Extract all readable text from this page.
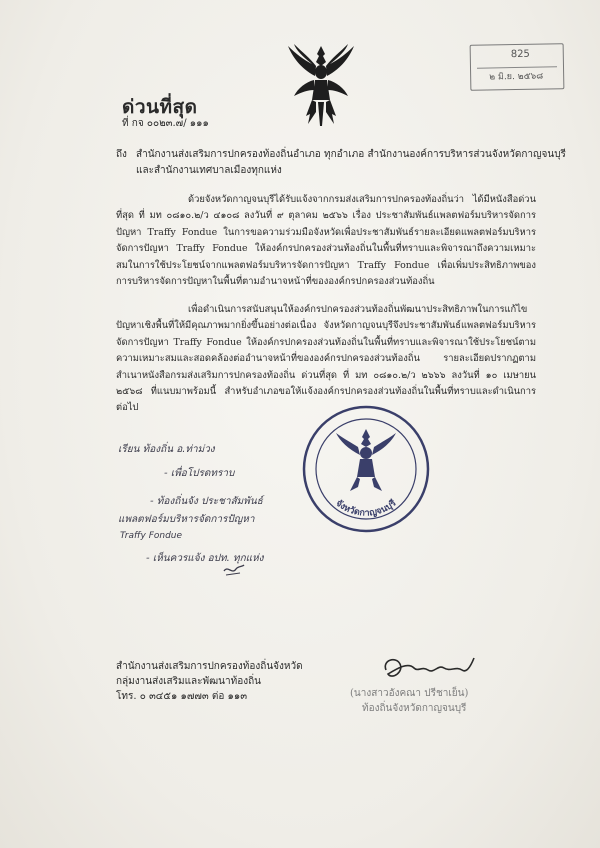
825
๒ มิ.ย. ๒๕๖๘
ด่วนที่สุด
ที่ กจ ๐๐๒๓.๗/ ๑๑๑
ถึง สำนักงานส่งเสริมการปกครองท้องถิ่นอำเภอ ทุกอำเภอ สำนักงานองค์การบริหารส่วนจังหวัดกาญจนบุรี
และสำนักงานเทศบาลเมืองทุกแห่ง
ด้วยจังหวัดกาญจนบุรีได้รับแจ้งจากกรมส่งเสริมการปกครองท้องถิ่นว่า ได้มีหนังสือด่วนที่สุด ที่ มท ๐๘๑๐.๒/ว ๔๑๐๘ ลงวันที่ ๙ ตุลาคม ๒๕๖๖ เรื่อง ประชาสัมพันธ์แพลตฟอร์มบริหารจัดการปัญหา Traffy Fondue ในการขอความร่วมมือจังหวัดเพื่อประชาสัมพันธ์รายละเอียดแพลตฟอร์มบริหารจัดการปัญหา Traffy Fondue ให้องค์กรปกครองส่วนท้องถิ่นในพื้นที่ทราบและพิจารณาถึงความเหมาะสมในการใช้ประโยชน์จากแพลตฟอร์มบริหารจัดการปัญหา Traffy Fondue เพื่อเพิ่มประสิทธิภาพของการบริหารจัดการปัญหาในพื้นที่ตามอำนาจหน้าที่ขององค์กรปกครองส่วนท้องถิ่น
เพื่อดำเนินการสนับสนุนให้องค์กรปกครองส่วนท้องถิ่นพัฒนาประสิทธิภาพในการแก้ไขปัญหาเชิงพื้นที่ให้มีคุณภาพมากยิ่งขึ้นอย่างต่อเนื่อง จังหวัดกาญจนบุรีจึงประชาสัมพันธ์แพลตฟอร์มบริหารจัดการปัญหา Traffy Fondue ให้องค์กรปกครองส่วนท้องถิ่นในพื้นที่ทราบและพิจารณาใช้ประโยชน์ตามความเหมาะสมและสอดคล้องต่ออำนาจหน้าที่ขององค์กรปกครองส่วนท้องถิ่น รายละเอียดปรากฏตามสำเนาหนังสือกรมส่งเสริมการปกครองท้องถิ่น ด่วนที่สุด ที่ มท ๐๘๑๐.๒/ว ๒๖๖๖ ลงวันที่ ๑๐ เมษายน ๒๕๖๘ ที่แนบมาพร้อมนี้ สำหรับอำเภอขอให้แจ้งองค์กรปกครองส่วนท้องถิ่นในพื้นที่ทราบและดำเนินการต่อไป
จังหวัดกาญจนบุรี
เรียน ท้องถิ่น อ.ท่าม่วง
- เพื่อโปรดทราบ
- ท้องถิ่นจัง ประชาสัมพันธ์
แพลตฟอร์มบริหารจัดการปัญหา
Traffy Fondue
- เห็นควรแจ้ง อปท. ทุกแห่ง
สำนักงานส่งเสริมการปกครองท้องถิ่นจังหวัด
กลุ่มงานส่งเสริมและพัฒนาท้องถิ่น
โทร. ๐ ๓๔๕๑ ๑๗๗๓ ต่อ ๑๑๓	(นางสาวอังคณา ปรีชาเย็น)
ท้องถิ่นจังหวัดกาญจนบุรี
